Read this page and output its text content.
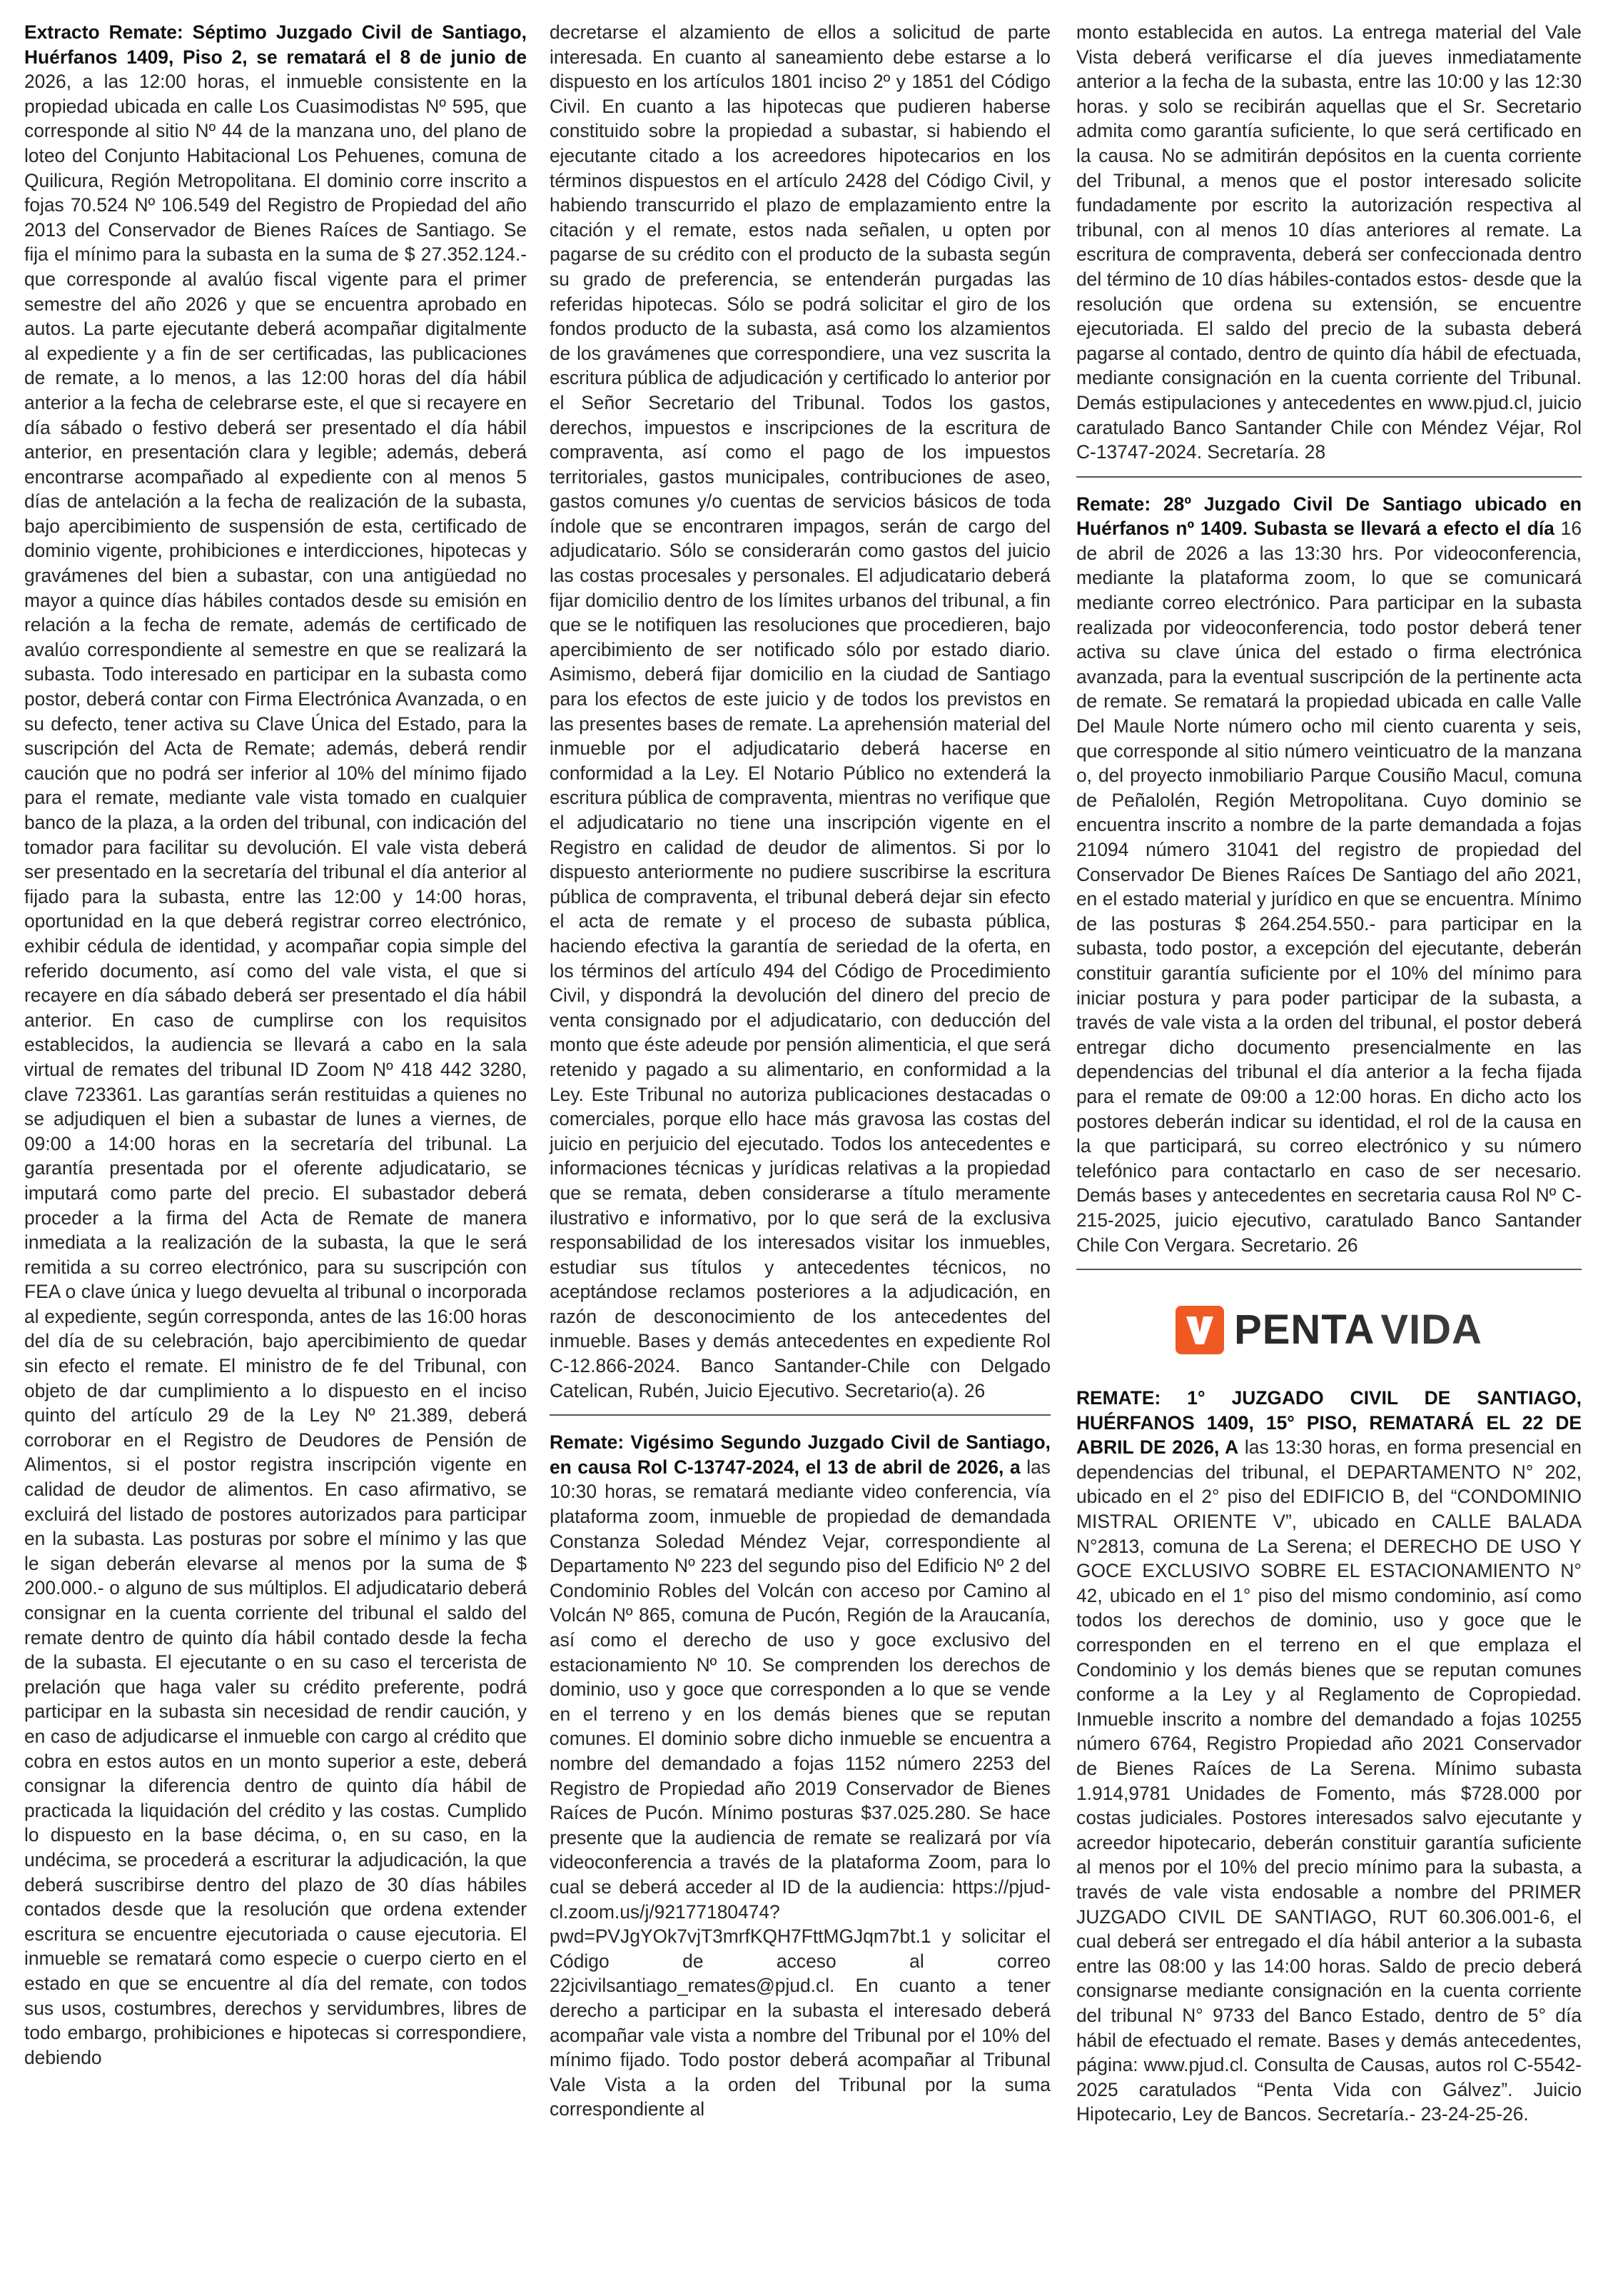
Extracto Remate: Séptimo Juzgado Civil de Santiago, Huérfanos 1409, Piso 2, se rematará el 8 de junio de 2026, a las 12:00 horas, el inmueble consistente en la propiedad ubicada en calle Los Cuasimodistas Nº 595, que corresponde al sitio Nº 44 de la manzana uno, del plano de loteo del Conjunto Habitacional Los Pehuenes, comuna de Quilicura, Región Metropolitana. El dominio corre inscrito a fojas 70.524 Nº 106.549 del Registro de Propiedad del año 2013 del Conservador de Bienes Raíces de Santiago. Se fija el mínimo para la subasta en la suma de $ 27.352.124.- que corresponde al avalúo fiscal vigente para el primer semestre del año 2026 y que se encuentra aprobado en autos. La parte ejecutante deberá acompañar digitalmente al expediente y a fin de ser certificadas, las publicaciones de remate, a lo menos, a las 12:00 horas del día hábil anterior a la fecha de celebrarse este, el que si recayere en día sábado o festivo deberá ser presentado el día hábil anterior, en presentación clara y legible; además, deberá encontrarse acompañado al expediente con al menos 5 días de antelación a la fecha de realización de la subasta, bajo apercibimiento de suspensión de esta, certificado de dominio vigente, prohibiciones e interdicciones, hipotecas y gravámenes del bien a subastar, con una antigüedad no mayor a quince días hábiles contados desde su emisión en relación a la fecha de remate, además de certificado de avalúo correspondiente al semestre en que se realizará la subasta. Todo interesado en participar en la subasta como postor, deberá contar con Firma Electrónica Avanzada, o en su defecto, tener activa su Clave Única del Estado, para la suscripción del Acta de Remate; además, deberá rendir caución que no podrá ser inferior al 10% del mínimo fijado para el remate, mediante vale vista tomado en cualquier banco de la plaza, a la orden del tribunal, con indicación del tomador para facilitar su devolución. El vale vista deberá ser presentado en la secretaría del tribunal el día anterior al fijado para la subasta, entre las 12:00 y 14:00 horas, oportunidad en la que deberá registrar correo electrónico, exhibir cédula de identidad, y acompañar copia simple del referido documento, así como del vale vista, el que si recayere en día sábado deberá ser presentado el día hábil anterior. En caso de cumplirse con los requisitos establecidos, la audiencia se llevará a cabo en la sala virtual de remates del tribunal ID Zoom Nº 418 442 3280, clave 723361. Las garantías serán restituidas a quienes no se adjudiquen el bien a subastar de lunes a viernes, de 09:00 a 14:00 horas en la secretaría del tribunal. La garantía presentada por el oferente adjudicatario, se imputará como parte del precio. El subastador deberá proceder a la firma del Acta de Remate de manera inmediata a la realización de la subasta, la que le será remitida a su correo electrónico, para su suscripción con FEA o clave única y luego devuelta al tribunal o incorporada al expediente, según corresponda, antes de las 16:00 horas del día de su celebración, bajo apercibimiento de quedar sin efecto el remate. El ministro de fe del Tribunal, con objeto de dar cumplimiento a lo dispuesto en el inciso quinto del artículo 29 de la Ley Nº 21.389, deberá corroborar en el Registro de Deudores de Pensión de Alimentos, si el postor registra inscripción vigente en calidad de deudor de alimentos. En caso afirmativo, se excluirá del listado de postores autorizados para participar en la subasta. Las posturas por sobre el mínimo y las que le sigan deberán elevarse al menos por la suma de $ 200.000.- o alguno de sus múltiplos. El adjudicatario deberá consignar en la cuenta corriente del tribunal el saldo del remate dentro de quinto día hábil contado desde la fecha de la subasta. El ejecutante o en su caso el tercerista de prelación que haga valer su crédito preferente, podrá participar en la subasta sin necesidad de rendir caución, y en caso de adjudicarse el inmueble con cargo al crédito que cobra en estos autos en un monto superior a este, deberá consignar la diferencia dentro de quinto día hábil de practicada la liquidación del crédito y las costas. Cumplido lo dispuesto en la base décima, o, en su caso, en la undécima, se procederá a escriturar la adjudicación, la que deberá suscribirse dentro del plazo de 30 días hábiles contados desde que la resolución que ordena extender escritura se encuentre ejecutoriada o cause ejecutoria. El inmueble se rematará como especie o cuerpo cierto en el estado en que se encuentre al día del remate, con todos sus usos, costumbres, derechos y servidumbres, libres de todo embargo, prohibiciones e hipotecas si correspondiere, debiendo

decretarse el alzamiento de ellos a solicitud de parte interesada. En cuanto al saneamiento debe estarse a lo dispuesto en los artículos 1801 inciso 2º y 1851 del Código Civil. En cuanto a las hipotecas que pudieren haberse constituido sobre la propiedad a subastar, si habiendo el ejecutante citado a los acreedores hipotecarios en los términos dispuestos en el artículo 2428 del Código Civil, y habiendo transcurrido el plazo de emplazamiento entre la citación y el remate, estos nada señalen, u opten por pagarse de su crédito con el producto de la subasta según su grado de preferencia, se entenderán purgadas las referidas hipotecas. Sólo se podrá solicitar el giro de los fondos producto de la subasta, asá como los alzamientos de los gravámenes que correspondiere, una vez suscrita la escritura pública de adjudicación y certificado lo anterior por el Señor Secretario del Tribunal. Todos los gastos, derechos, impuestos e inscripciones de la escritura de compraventa, así como el pago de los impuestos territoriales, gastos municipales, contribuciones de aseo, gastos comunes y/o cuentas de servicios básicos de toda índole que se encontraren impagos, serán de cargo del adjudicatario. Sólo se considerarán como gastos del juicio las costas procesales y personales. El adjudicatario deberá fijar domicilio dentro de los límites urbanos del tribunal, a fin que se le notifiquen las resoluciones que procedieren, bajo apercibimiento de ser notificado sólo por estado diario. Asimismo, deberá fijar domicilio en la ciudad de Santiago para los efectos de este juicio y de todos los previstos en las presentes bases de remate. La aprehensión material del inmueble por el adjudicatario deberá hacerse en conformidad a la Ley. El Notario Público no extenderá la escritura pública de compraventa, mientras no verifique que el adjudicatario no tiene una inscripción vigente en el Registro en calidad de deudor de alimentos. Si por lo dispuesto anteriormente no pudiere suscribirse la escritura pública de compraventa, el tribunal deberá dejar sin efecto el acta de remate y el proceso de subasta pública, haciendo efectiva la garantía de seriedad de la oferta, en los términos del artículo 494 del Código de Procedimiento Civil, y dispondrá la devolución del dinero del precio de venta consignado por el adjudicatario, con deducción del monto que éste adeude por pensión alimenticia, el que será retenido y pagado a su alimentario, en conformidad a la Ley. Este Tribunal no autoriza publicaciones destacadas o comerciales, porque ello hace más gravosa las costas del juicio en perjuicio del ejecutado. Todos los antecedentes e informaciones técnicas y jurídicas relativas a la propiedad que se remata, deben considerarse a título meramente ilustrativo e informativo, por lo que será de la exclusiva responsabilidad de los interesados visitar los inmuebles, estudiar sus títulos y antecedentes técnicos, no aceptándose reclamos posteriores a la adjudicación, en razón de desconocimiento de los antecedentes del inmueble. Bases y demás antecedentes en expediente Rol C-12.866-2024. Banco Santander-Chile con Delgado Catelican, Rubén, Juicio Ejecutivo. Secretario(a). 26

Remate: Vigésimo Segundo Juzgado Civil de Santiago, en causa Rol C-13747-2024, el 13 de abril de 2026, a las 10:30 horas, se rematará mediante video conferencia, vía plataforma zoom, inmueble de propiedad de demandada Constanza Soledad Méndez Vejar, correspondiente al Departamento Nº 223 del segundo piso del Edificio Nº 2 del Condominio Robles del Volcán con acceso por Camino al Volcán Nº 865, comuna de Pucón, Región de la Araucanía, así como el derecho de uso y goce exclusivo del estacionamiento Nº 10. Se comprenden los derechos de dominio, uso y goce que corresponden a lo que se vende en el terreno y en los demás bienes que se reputan comunes. El dominio sobre dicho inmueble se encuentra a nombre del demandado a fojas 1152 número 2253 del Registro de Propiedad año 2019 Conservador de Bienes Raíces de Pucón. Mínimo posturas $37.025.280. Se hace presente que la audiencia de remate se realizará por vía videoconferencia a través de la plataforma Zoom, para lo cual se deberá acceder al ID de la audiencia: https://pjud-cl.zoom.us/j/92177180474?pwd=PVJgYOk7vjT3mrfKQH7FttMGJqm7bt.1 y solicitar el Código de acceso al correo 22jcivilsantiago_remates@pjud.cl. En cuanto a tener derecho a participar en la subasta el interesado deberá acompañar vale vista a nombre del Tribunal por el 10% del mínimo fijado. Todo postor deberá acompañar al Tribunal Vale Vista a la orden del Tribunal por la suma correspondiente al

monto establecida en autos. La entrega material del Vale Vista deberá verificarse el día jueves inmediatamente anterior a la fecha de la subasta, entre las 10:00 y las 12:30 horas. y solo se recibirán aquellas que el Sr. Secretario admita como garantía suficiente, lo que será certificado en la causa. No se admitirán depósitos en la cuenta corriente del Tribunal, a menos que el postor interesado solicite fundadamente por escrito la autorización respectiva al tribunal, con al menos 10 días anteriores al remate. La escritura de compraventa, deberá ser confeccionada dentro del término de 10 días hábiles-contados estos- desde que la resolución que ordena su extensión, se encuentre ejecutoriada. El saldo del precio de la subasta deberá pagarse al contado, dentro de quinto día hábil de efectuada, mediante consignación en la cuenta corriente del Tribunal. Demás estipulaciones y antecedentes en www.pjud.cl, juicio caratulado Banco Santander Chile con Méndez Véjar, Rol C-13747-2024. Secretaría. 28

Remate: 28º Juzgado Civil De Santiago ubicado en Huérfanos nº 1409. Subasta se llevará a efecto el día 16 de abril de 2026 a las 13:30 hrs. Por videoconferencia, mediante la plataforma zoom, lo que se comunicará mediante correo electrónico. Para participar en la subasta realizada por videoconferencia, todo postor deberá tener activa su clave única del estado o firma electrónica avanzada, para la eventual suscripción de la pertinente acta de remate. Se rematará la propiedad ubicada en calle Valle Del Maule Norte número ocho mil ciento cuarenta y seis, que corresponde al sitio número veinticuatro de la manzana o, del proyecto inmobiliario Parque Cousiño Macul, comuna de Peñalolén, Región Metropolitana. Cuyo dominio se encuentra inscrito a nombre de la parte demandada a fojas 21094 número 31041 del registro de propiedad del Conservador De Bienes Raíces De Santiago del año 2021, en el estado material y jurídico en que se encuentra. Mínimo de las posturas $ 264.254.550.- para participar en la subasta, todo postor, a excepción del ejecutante, deberán constituir garantía suficiente por el 10% del mínimo para iniciar postura y para poder participar de la subasta, a través de vale vista a la orden del tribunal, el postor deberá entregar dicho documento presencialmente en las dependencias del tribunal el día anterior a la fecha fijada para el remate de 09:00 a 12:00 horas. En dicho acto los postores deberán indicar su identidad, el rol de la causa en la que participará, su correo electrónico y su número telefónico para contactarlo en caso de ser necesario. Demás bases y antecedentes en secretaria causa Rol Nº C-215-2025, juicio ejecutivo, caratulado Banco Santander Chile Con Vergara. Secretario. 26

PENTA VIDA

REMATE: 1° JUZGADO CIVIL DE SANTIAGO, HUÉRFANOS 1409, 15° PISO, REMATARÁ EL 22 DE ABRIL DE 2026, A las 13:30 horas, en forma presencial en dependencias del tribunal, el DEPARTAMENTO N° 202, ubicado en el 2° piso del EDIFICIO B, del “CONDOMINIO MISTRAL ORIENTE V”, ubicado en CALLE BALADA N°2813, comuna de La Serena; el DERECHO DE USO Y GOCE EXCLUSIVO SOBRE EL ESTACIONAMIENTO N° 42, ubicado en el 1° piso del mismo condominio, así como todos los derechos de dominio, uso y goce que le corresponden en el terreno en el que emplaza el Condominio y los demás bienes que se reputan comunes conforme a la Ley y al Reglamento de Copropiedad. Inmueble inscrito a nombre del demandado a fojas 10255 número 6764, Registro Propiedad año 2021 Conservador de Bienes Raíces de La Serena. Mínimo subasta 1.914,9781 Unidades de Fomento, más $728.000 por costas judiciales. Postores interesados salvo ejecutante y acreedor hipotecario, deberán constituir garantía suficiente al menos por el 10% del precio mínimo para la subasta, a través de vale vista endosable a nombre del PRIMER JUZGADO CIVIL DE SANTIAGO, RUT 60.306.001-6, el cual deberá ser entregado el día hábil anterior a la subasta entre las 08:00 y las 14:00 horas. Saldo de precio deberá consignarse mediante consignación en la cuenta corriente del tribunal N° 9733 del Banco Estado, dentro de 5° día hábil de efectuado el remate. Bases y demás antecedentes, página: www.pjud.cl. Consulta de Causas, autos rol C-5542-2025 caratulados “Penta Vida con Gálvez”. Juicio Hipotecario, Ley de Bancos. Secretaría.- 23-24-25-26.
